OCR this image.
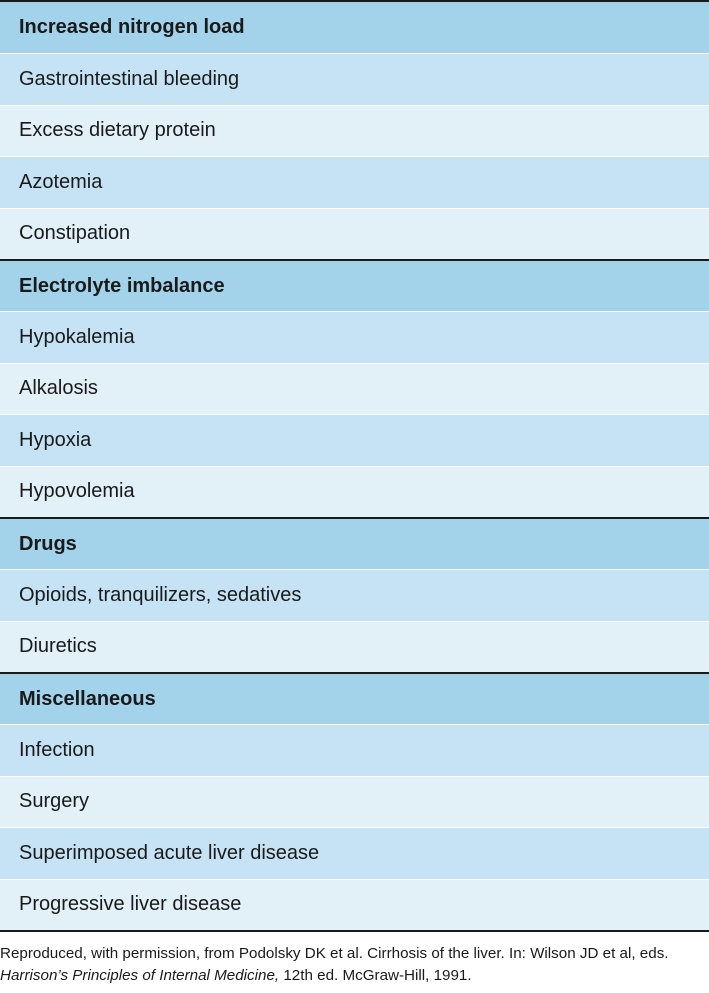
Increased nitrogen load
Gastrointestinal bleeding
Excess dietary protein
Azotemia
Constipation
Electrolyte imbalance
Hypokalemia
Alkalosis
Hypoxia
Hypovolemia
Drugs
Opioids, tranquilizers, sedatives
Diuretics
Miscellaneous
Infection
Surgery
Superimposed acute liver disease
Progressive liver disease
Reproduced, with permission, from Podolsky DK et al. Cirrhosis of the liver. In: Wilson JD et al, eds. Harrison’s Principles of Internal Medicine, 12th ed. McGraw-Hill, 1991.
